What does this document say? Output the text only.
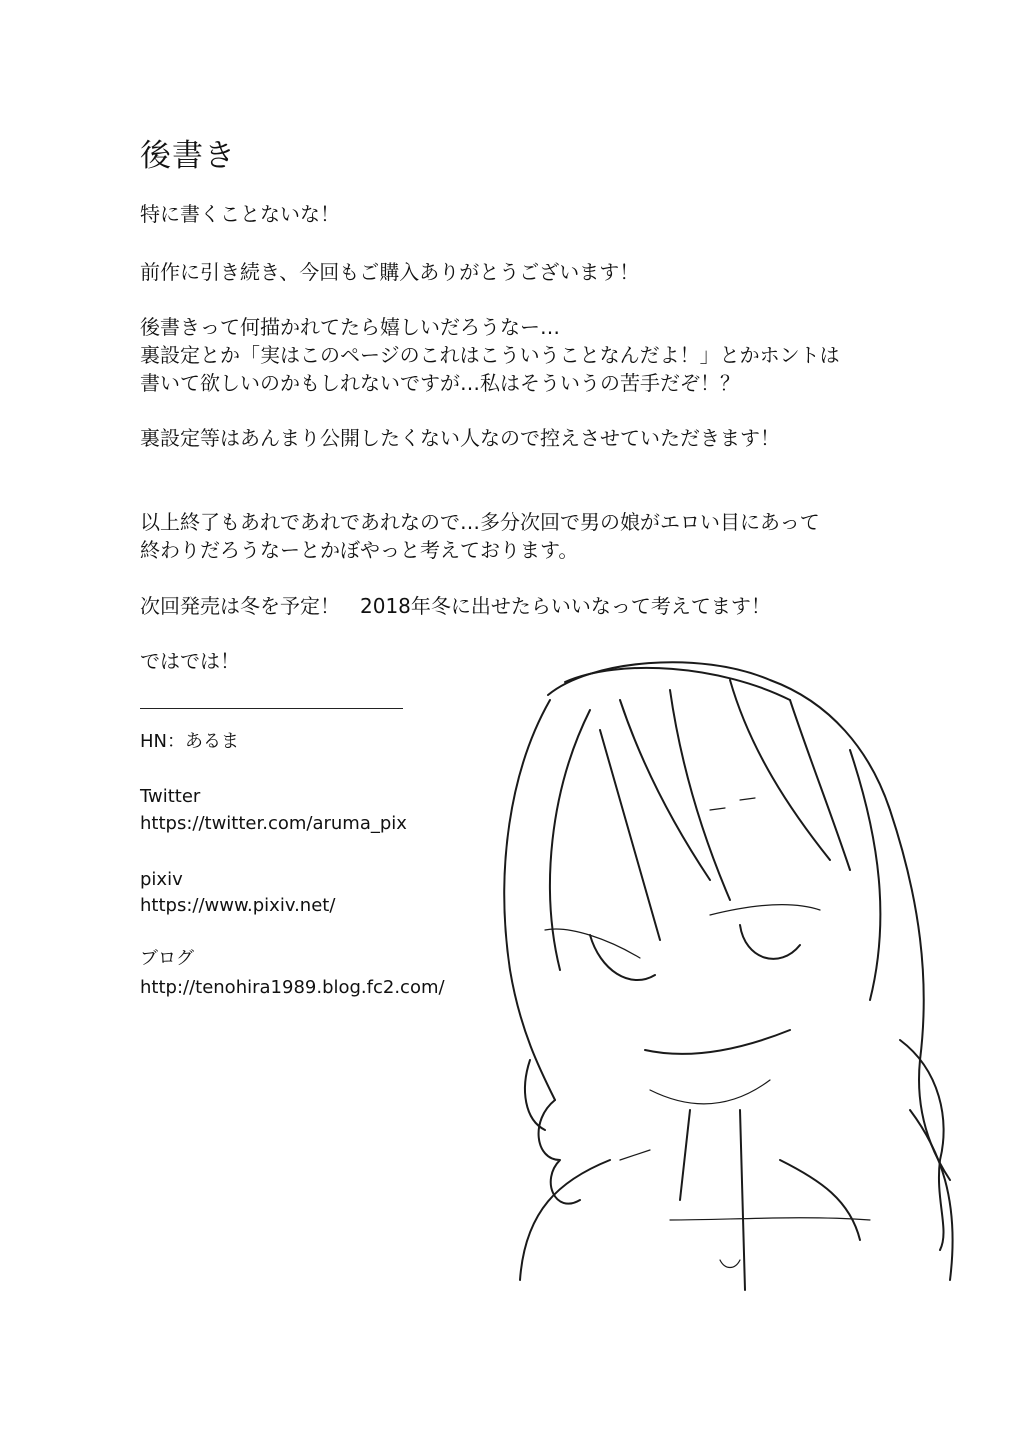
後書き
特に書くことないな！
前作に引き続き、今回もご購入ありがとうございます！
後書きって何描かれてたら嬉しいだろうなー…
裏設定とか「実はこのページのこれはこういうことなんだよ！」とかホントは
書いて欲しいのかもしれないですが…私はそういうの苦手だぞ！？
裏設定等はあんまり公開したくない人なので控えさせていただきます！
以上終了もあれであれであれなので…多分次回で男の娘がエロい目にあって
終わりだろうなーとかぼやっと考えております。
次回発売は冬を予定！　2018年冬に出せたらいいなって考えてます！
ではでは！
HN：あるま
Twitter
https://twitter.com/aruma_pix
pixiv
https://www.pixiv.net/
ブログ
http://tenohira1989.blog.fc2.com/
